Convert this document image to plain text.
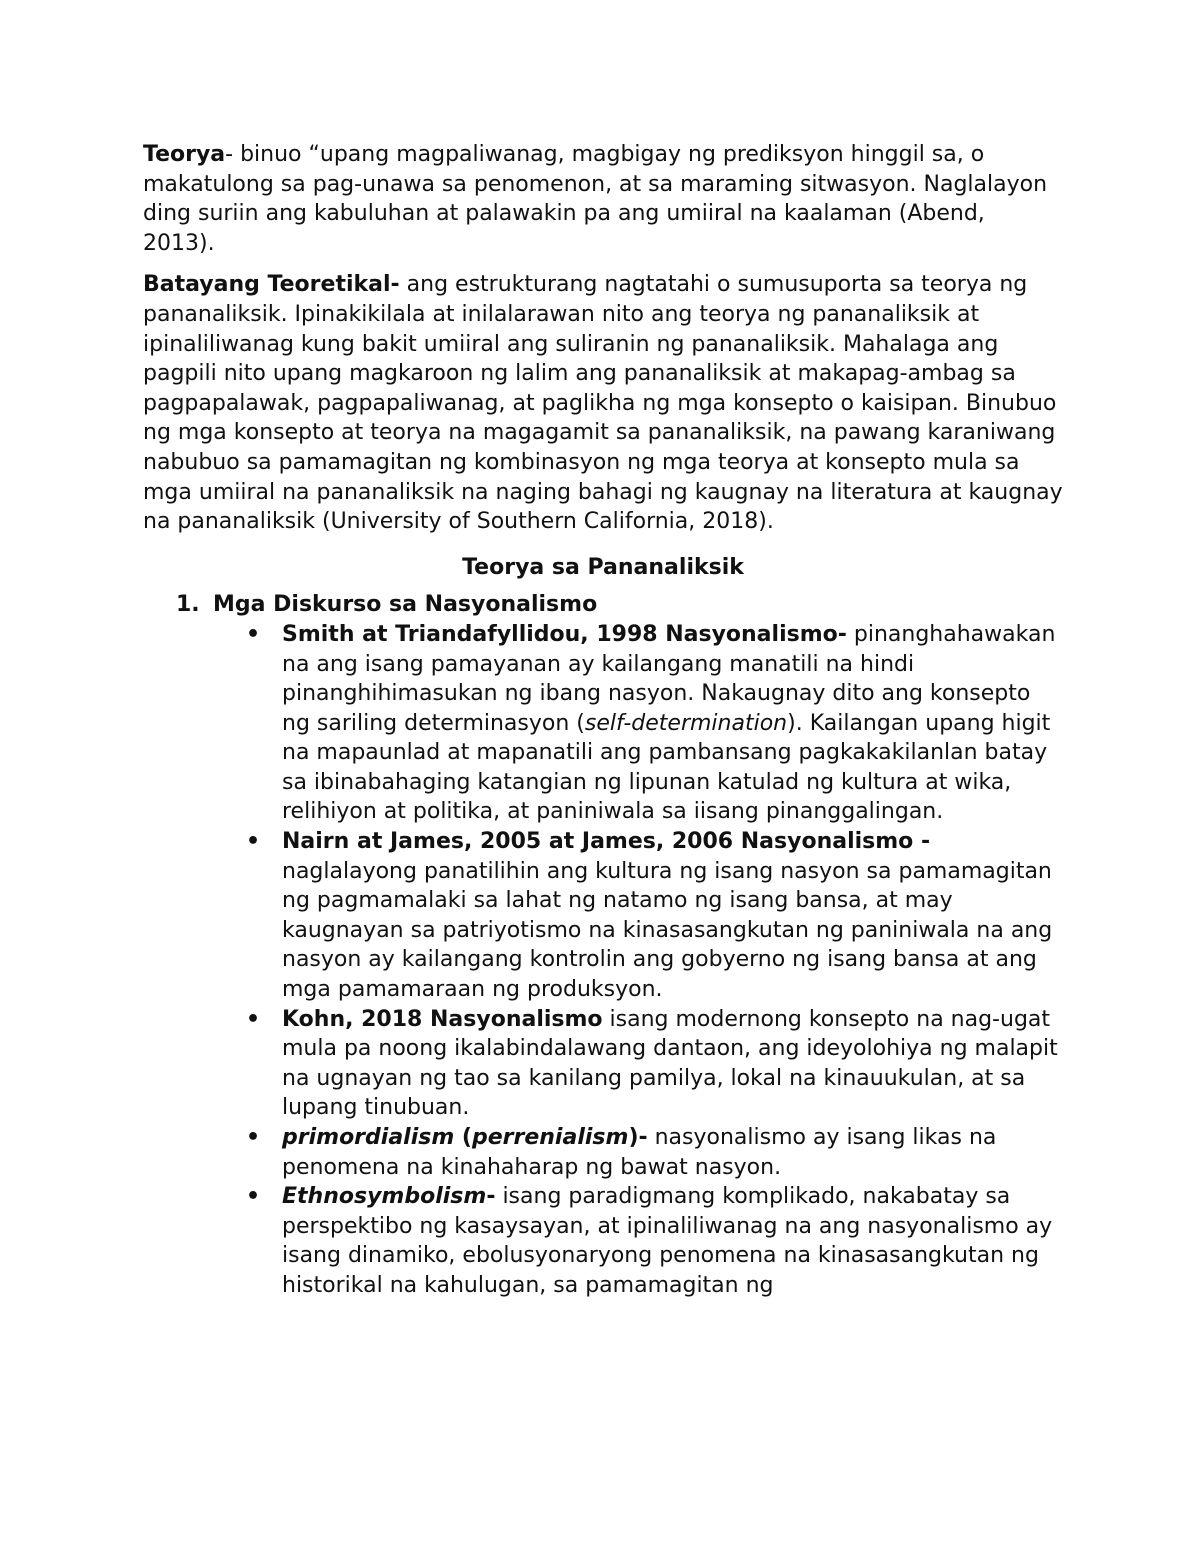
Teorya- binuo “upang magpaliwanag, magbigay ng prediksyon hinggil sa, o makatulong sa pag-unawa sa penomenon, at sa maraming sitwasyon. Naglalayon ding suriin ang kabuluhan at palawakin pa ang umiiral na kaalaman (Abend, 2013).

Batayang Teoretikal- ang estrukturang nagtatahi o sumusuporta sa teorya ng pananaliksik. Ipinakikilala at inilalarawan nito ang teorya ng pananaliksik at ipinaliliwanag kung bakit umiiral ang suliranin ng pananaliksik. Mahalaga ang pagpili nito upang magkaroon ng lalim ang pananaliksik at makapag-ambag sa pagpapalawak, pagpapaliwanag, at paglikha ng mga konsepto o kaisipan. Binubuo ng mga konsepto at teorya na magagamit sa pananaliksik, na pawang karaniwang nabubuo sa pamamagitan ng kombinasyon ng mga teorya at konsepto mula sa mga umiiral na pananaliksik na naging bahagi ng kaugnay na literatura at kaugnay na pananaliksik (University of Southern California, 2018).

Teorya sa Pananaliksik
1. Mga Diskurso sa Nasyonalismo
• Smith at Triandafyllidou, 1998 Nasyonalismo- pinanghahawakan na ang isang pamayanan ay kailangang manatili na hindi pinanghihimasukan ng ibang nasyon. Nakaugnay dito ang konsepto ng sariling determinasyon (self-determination). Kailangan upang higit na mapaunlad at mapanatili ang pambansang pagkakakilanlan batay sa ibinabahaging katangian ng lipunan katulad ng kultura at wika, relihiyon at politika, at paniniwala sa iisang pinanggalingan.
• Nairn at James, 2005 at James, 2006 Nasyonalismo - naglalayong panatilihin ang kultura ng isang nasyon sa pamamagitan ng pagmamalaki sa lahat ng natamo ng isang bansa, at may kaugnayan sa patriyotismo na kinasasangkutan ng paniniwala na ang nasyon ay kailangang kontrolin ang gobyerno ng isang bansa at ang mga pamamaraan ng produksyon.
• Kohn, 2018 Nasyonalismo isang modernong konsepto na nag-ugat mula pa noong ikalabindalawang dantaon, ang ideyolohiya ng malapit na ugnayan ng tao sa kanilang pamilya, lokal na kinauukulan, at sa lupang tinubuan.
• primordialism (perrenialism)- nasyonalismo ay isang likas na penomena na kinahaharap ng bawat nasyon.
• Ethnosymbolism- isang paradigmang komplikado, nakabatay sa perspektibo ng kasaysayan, at ipinaliliwanag na ang nasyonalismo ay isang dinamiko, ebolusyonaryong penomena na kinasasangkutan ng historikal na kahulugan, sa pamamagitan ng
